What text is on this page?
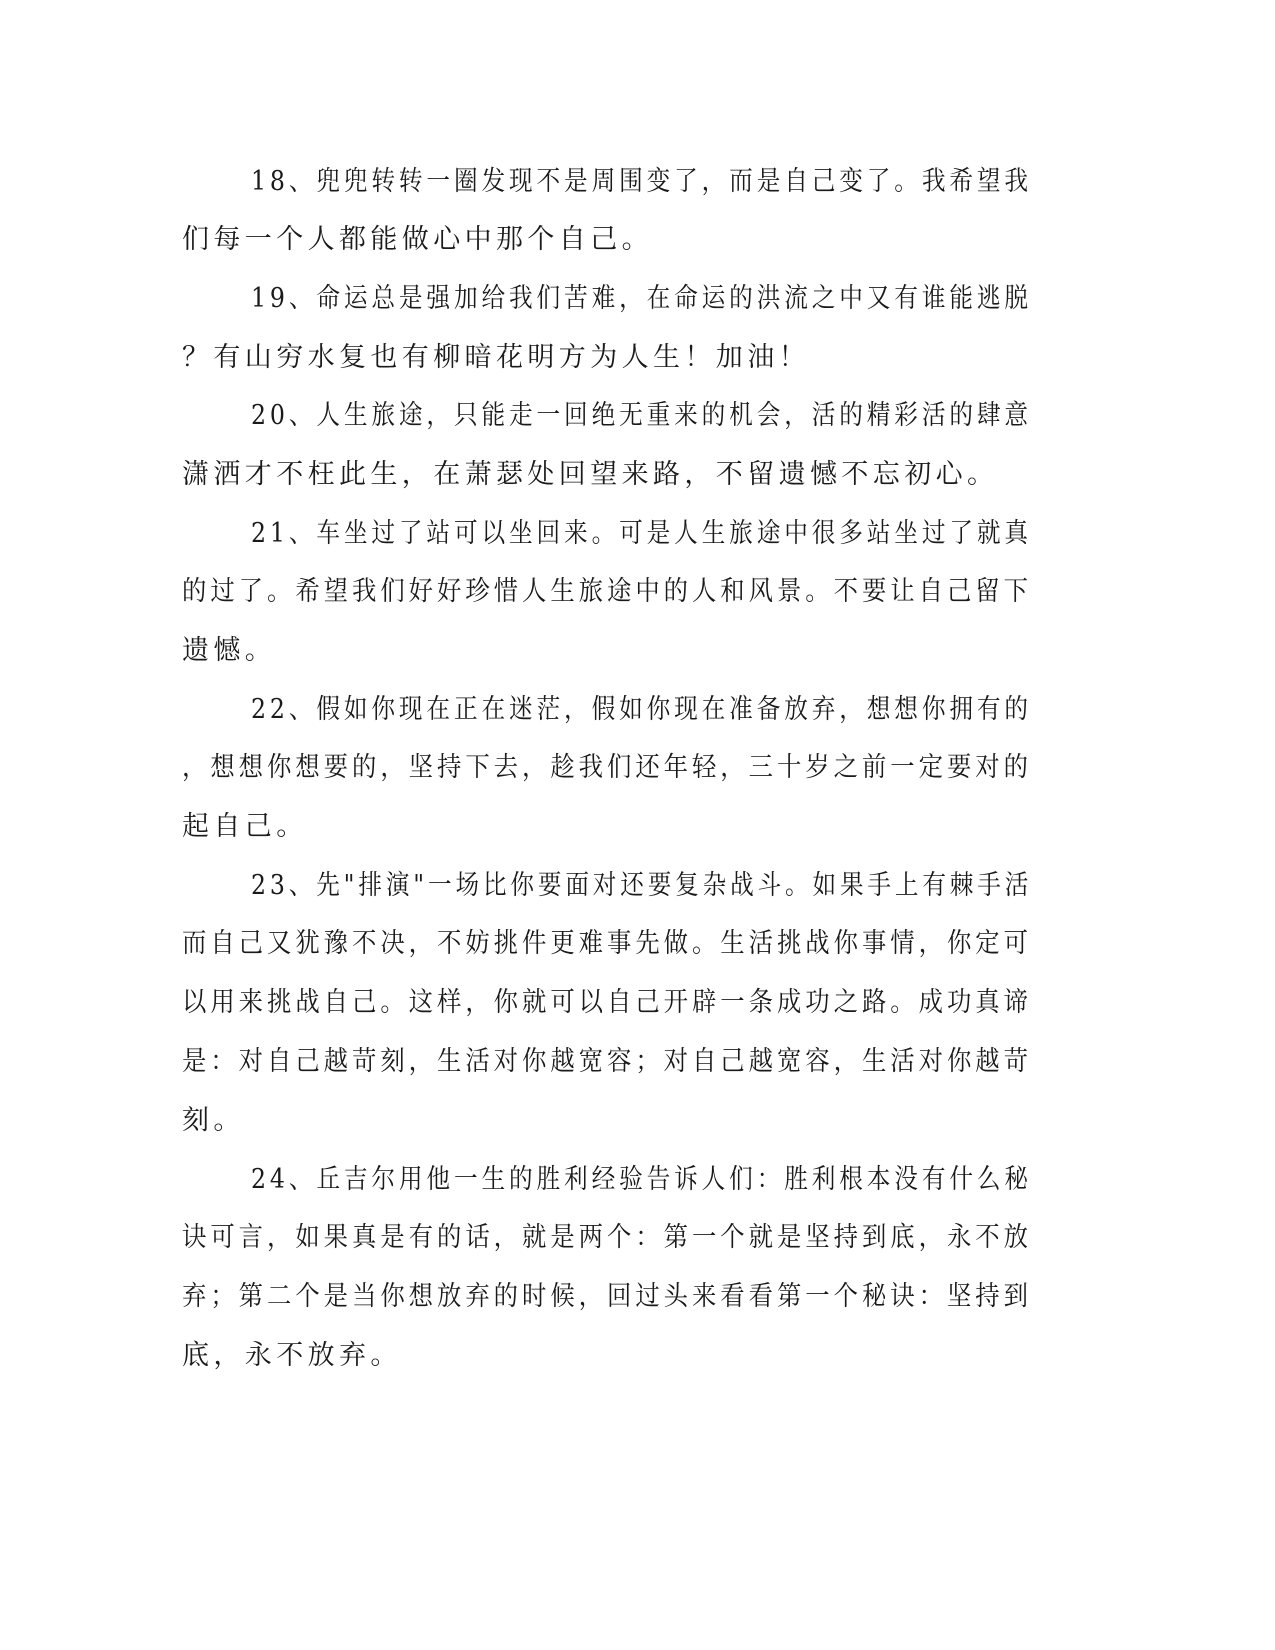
18、兜兜转转一圈发现不是周围变了，而是自己变了。我希望我
们每一个人都能做心中那个自己。
19、命运总是强加给我们苦难，在命运的洪流之中又有谁能逃脱
？有山穷水复也有柳暗花明方为人生！加油！
20、人生旅途，只能走一回绝无重来的机会，活的精彩活的肆意
潇洒才不枉此生，在萧瑟处回望来路，不留遗憾不忘初心。
21、车坐过了站可以坐回来。可是人生旅途中很多站坐过了就真
的过了。希望我们好好珍惜人生旅途中的人和风景。不要让自己留下
遗憾。
22、假如你现在正在迷茫，假如你现在准备放弃，想想你拥有的
，想想你想要的，坚持下去，趁我们还年轻，三十岁之前一定要对的
起自己。
23、先"排演"一场比你要面对还要复杂战斗。如果手上有棘手活
而自己又犹豫不决，不妨挑件更难事先做。生活挑战你事情，你定可
以用来挑战自己。这样，你就可以自己开辟一条成功之路。成功真谛
是：对自己越苛刻，生活对你越宽容；对自己越宽容，生活对你越苛
刻。
24、丘吉尔用他一生的胜利经验告诉人们：胜利根本没有什么秘
诀可言，如果真是有的话，就是两个：第一个就是坚持到底，永不放
弃；第二个是当你想放弃的时候，回过头来看看第一个秘诀：坚持到
底，永不放弃。
